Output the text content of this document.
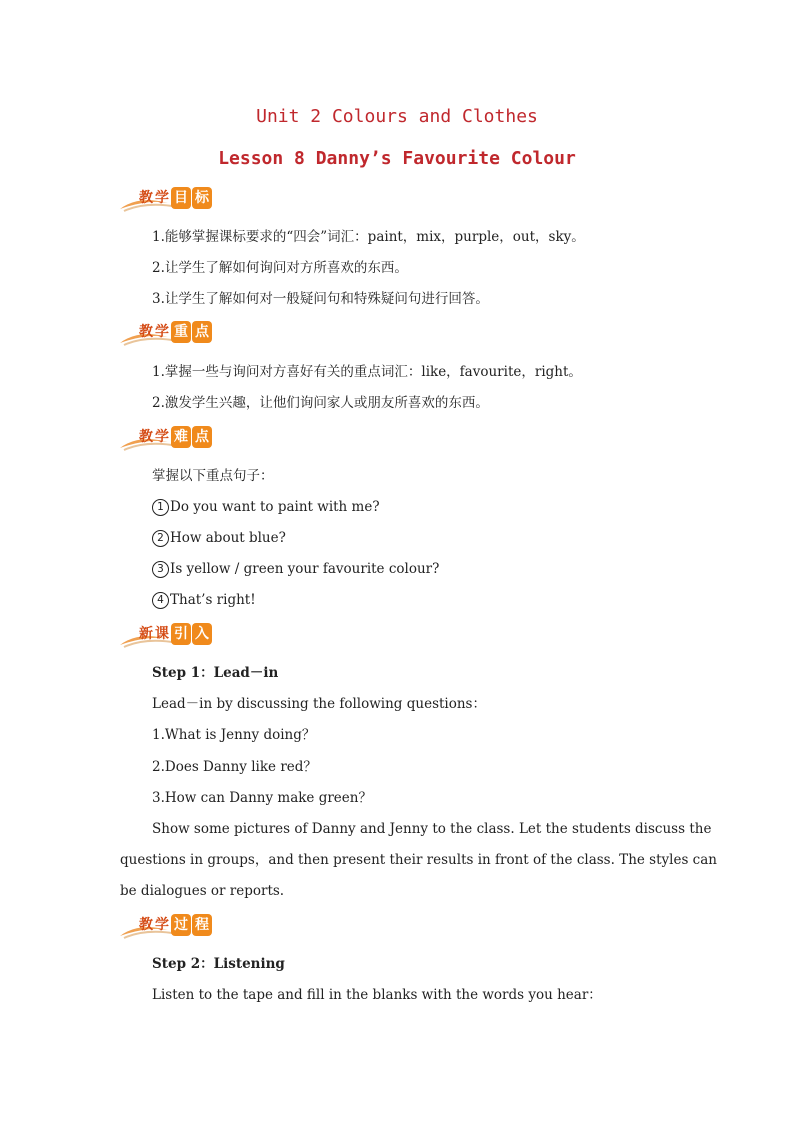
Unit 2 Colours and Clothes
Lesson 8 Danny’s Favourite Colour
教 学 目 标

1.能够掌握课标要求的“四会”词汇：paint，mix，purple，out，sky。

2.让学生了解如何询问对方所喜欢的东西。

3.让学生了解如何对一般疑问句和特殊疑问句进行回答。

教 学 重 点

1.掌握一些与询问对方喜好有关的重点词汇：like，favourite，right。

2.激发学生兴趣，让他们询问家人或朋友所喜欢的东西。

教 学 难 点

掌握以下重点句子：

1 Do you want to paint with me?

2 How about blue?

3 Is yellow / green your favourite colour?

4 That’s right!

新 课 引 入

Step 1：Lead－in

Lead－in by discussing the following questions：

1.What is Jenny doing？

2.Does Danny like red？

3.How can Danny make green？

Show some pictures of Danny and Jenny to the class. Let the students discuss the

questions in groups，and then present their results in front of the class. The styles can

be dialogues or reports.

教 学 过 程

Step 2：Listening

Listen to the tape and fill in the blanks with the words you hear：
